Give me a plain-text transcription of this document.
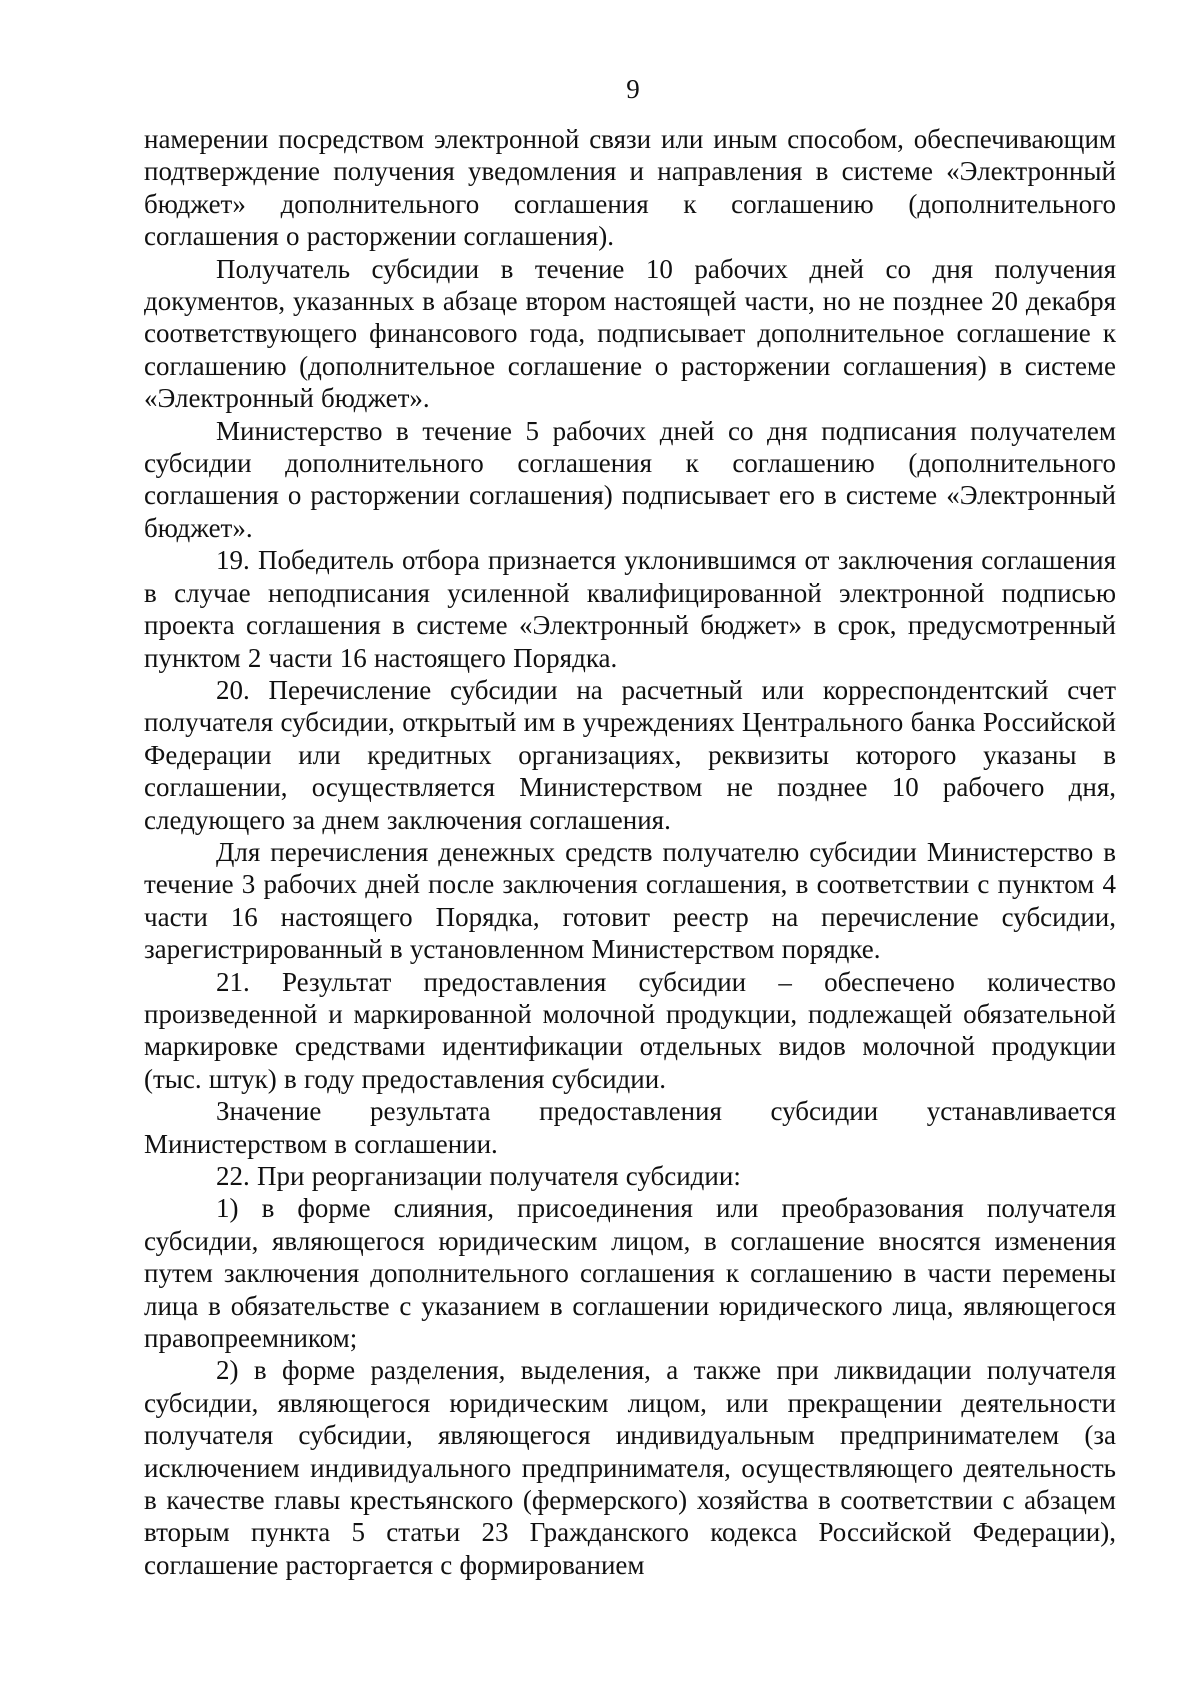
9

намерении посредством электронной связи или иным способом, обеспечивающим подтверждение получения уведомления и направления в системе «Электронный бюджет» дополнительного соглашения к соглашению (дополнительного соглашения о расторжении соглашения).

Получатель субсидии в течение 10 рабочих дней со дня получения документов, указанных в абзаце втором настоящей части, но не позднее 20 декабря соответствующего финансового года, подписывает дополнительное соглашение к соглашению (дополнительное соглашение о расторжении соглашения) в системе «Электронный бюджет».

Министерство в течение 5 рабочих дней со дня подписания получателем субсидии дополнительного соглашения к соглашению (дополнительного соглашения о расторжении соглашения) подписывает его в системе «Электронный бюджет».

19. Победитель отбора признается уклонившимся от заключения соглашения в случае неподписания усиленной квалифицированной электронной подписью проекта соглашения в системе «Электронный бюджет» в срок, предусмотренный пунктом 2 части 16 настоящего Порядка.

20. Перечисление субсидии на расчетный или корреспондентский счет получателя субсидии, открытый им в учреждениях Центрального банка Российской Федерации или кредитных организациях, реквизиты которого указаны в соглашении, осуществляется Министерством не позднее 10 рабочего дня, следующего за днем заключения соглашения.

Для перечисления денежных средств получателю субсидии Министерство в течение 3 рабочих дней после заключения соглашения, в соответствии с пунктом 4 части 16 настоящего Порядка, готовит реестр на перечисление субсидии, зарегистрированный в установленном Министерством порядке.

21. Результат предоставления субсидии – обеспечено количество произведенной и маркированной молочной продукции, подлежащей обязательной маркировке средствами идентификации отдельных видов молочной продукции (тыс. штук) в году предоставления субсидии.

Значение результата предоставления субсидии устанавливается Министерством в соглашении.

22. При реорганизации получателя субсидии:

1) в форме слияния, присоединения или преобразования получателя субсидии, являющегося юридическим лицом, в соглашение вносятся изменения путем заключения дополнительного соглашения к соглашению в части перемены лица в обязательстве с указанием в соглашении юридического лица, являющегося правопреемником;

2) в форме разделения, выделения, а также при ликвидации получателя субсидии, являющегося юридическим лицом, или прекращении деятельности получателя субсидии, являющегося индивидуальным предпринимателем (за исключением индивидуального предпринимателя, осуществляющего деятельность в качестве главы крестьянского (фермерского) хозяйства в соответствии с абзацем вторым пункта 5 статьи 23 Гражданского кодекса Российской Федерации), соглашение расторгается с формированием
